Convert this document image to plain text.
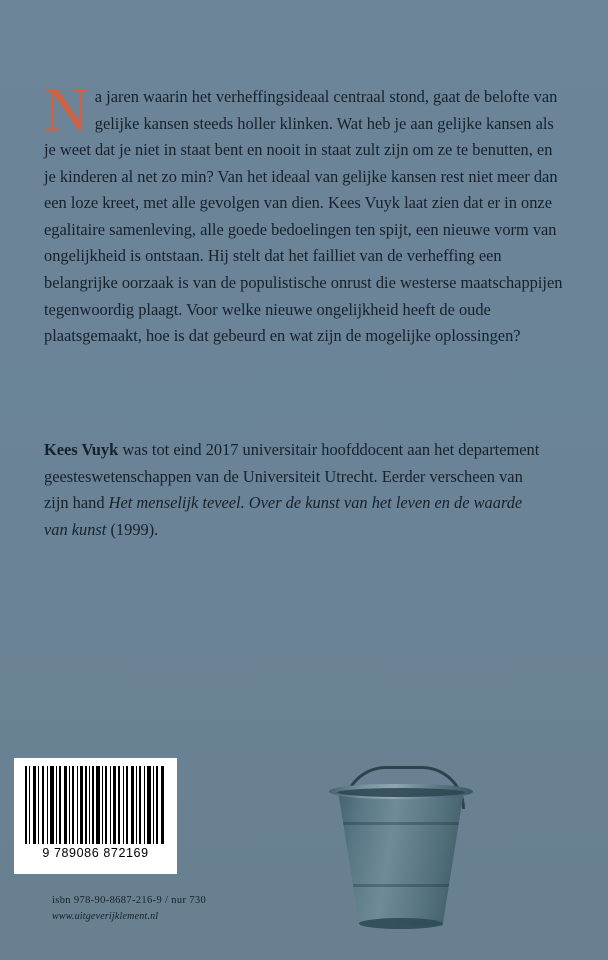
Na jaren waarin het verheffingsideaal centraal stond, gaat de belofte van gelijke kansen steeds holler klinken. Wat heb je aan gelijke kansen als je weet dat je niet in staat bent en nooit in staat zult zijn om ze te benutten, en je kinderen al net zo min? Van het ideaal van gelijke kansen rest niet meer dan een loze kreet, met alle gevolgen van dien. Kees Vuyk laat zien dat er in onze egalitaire samenleving, alle goede bedoelingen ten spijt, een nieuwe vorm van ongelijkheid is ontstaan. Hij stelt dat het failliet van de verheffing een belangrijke oorzaak is van de populistische onrust die westerse maatschappijen tegenwoordig plaagt. Voor welke nieuwe ongelijkheid heeft de oude plaatsgemaakt, hoe is dat gebeurd en wat zijn de mogelijke oplossingen?

Kees Vuyk was tot eind 2017 universitair hoofddocent aan het departement geesteswetenschappen van de Universiteit Utrecht. Eerder verscheen van zijn hand Het menselijk teveel. Over de kunst van het leven en de waarde van kunst (1999).
9 789086 872169
isbn 978-90-8687-216-9 / nur 730
www.uitgeverijklement.nl
